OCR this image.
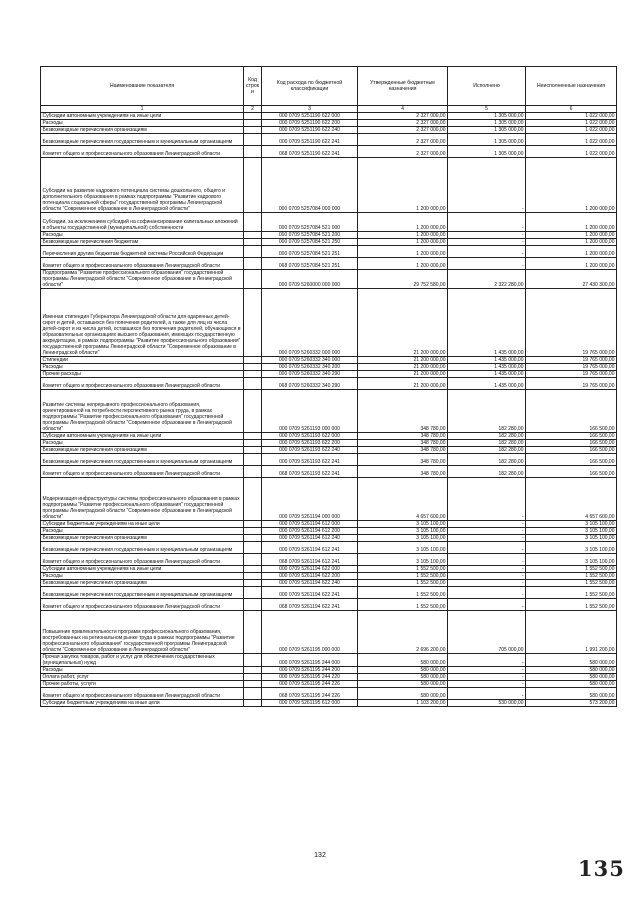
Наименование показателя	Код строк и	Код расхода по бюджетной классификации	Утвержденные бюджетные назначения	Исполнено	Неисполненные назначения
1	2	3	4	5	6
Субсидии автономным учреждениям на иные цели		000 0709 5251190 622 000	2 327 000,00	1 305 000,00	1 022 000,00
Расходы		000 0709 5251190 622 200	2 327 000,00	1 305 000,00	1 022 000,00
Безвозмездные перечисления организациям		000 0709 5251190 622 240	2 327 000,00	1 305 000,00	1 022 000,00
Безвозмездные перечисления государственным и муниципальным организациям		000 0709 5251190 622 241	2 327 000,00	1 305 000,00	1 022 000,00
Комитет общего и профессионального образования Ленинградской области		068 0709 5251190 622 241	2 327 000,00	1 305 000,00	1 022 000,00
Субсидии на развитие кадрового потенциала системы дошкольного, общего и дополнительного образования в рамках подпрограммы "Развитие кадрового потенциала социальной сферы" государственной программы Ленинградской области "Современное образование в Ленинградской области"		000 0709 5257084 000 000	1 200 000,00	-	1 200 000,00
Субсидии, за исключением субсидий на софинансирование капитальных вложений в объекты государственной (муниципальной) собственности		000 0709 5257084 521 000	1 200 000,00	-	1 200 000,00
Расходы		000 0709 5257084 521 200	1 200 000,00	-	1 200 000,00
Безвозмездные перечисления бюджетам		000 0709 5257084 521 250	1 200 000,00	-	1 200 000,00
Перечисления другим бюджетам бюджетной системы Российской Федерации		000 0709 5257084 521 251	1 200 000,00	-	1 200 000,00
Комитет общего и профессионального образования Ленинградской области		068 0709 5257084 521 251	1 200 000,00	-	1 200 000,00
Подпрограмма "Развитие профессионального образования" государственной программы Ленинградской области "Современное образование в Ленинградской области"		000 0709 5260000 000 000	29 752 580,00	2 322 280,00	27 430 300,00
Именная стипендия Губернатора Ленинградской области для одаренных детей-сирот и детей, оставшихся без попечения родителей, а также для лиц из числа детей-сирот и из числа детей, оставшихся без попечения родителей, обучающихся в образовательных организациях высшего образования, имеющих государственную аккредитацию, в рамках подпрограммы "Развитие профессионального образования" государственной программы Ленинградской области "Современное образование в Ленинградской области"		000 0709 5260332 000 000	21 200 000,00	1 435 000,00	19 765 000,00
Стипендии		000 0709 5260332 340 000	21 200 000,00	1 435 000,00	19 765 000,00
Расходы		000 0709 5260332 340 200	21 200 000,00	1 435 000,00	19 765 000,00
Прочие расходы		000 0709 5260332 340 290	21 200 000,00	1 435 000,00	19 765 000,00
Комитет общего и профессионального образования Ленинградской области		068 0709 5260332 340 290	21 200 000,00	1 435 000,00	19 765 000,00
Развитие системы непрерывного профессионального образования, ориентированной на потребности перспективного рынка труда, в рамках подпрограммы "Развитие профессионального образования" государственной программы Ленинградской области "Современное образование в Ленинградской области"		000 0709 5261193 000 000	348 780,00	182 280,00	166 500,00
Субсидии автономным учреждениям на иные цели		000 0709 5261193 622 000	348 780,00	182 280,00	166 500,00
Расходы		000 0709 5261193 622 200	348 780,00	182 280,00	166 500,00
Безвозмездные перечисления организациям		000 0709 5261193 622 240	348 780,00	182 280,00	166 500,00
Безвозмездные перечисления государственным и муниципальным организациям		000 0709 5261193 622 241	348 780,00	182 280,00	166 500,00
Комитет общего и профессионального образования Ленинградской области		068 0709 5261193 622 241	348 780,00	182 280,00	166 500,00
Модернизация инфраструктуры системы профессионального образования в рамках подпрограммы "Развитие профессионального образования" государственной программы Ленинградской области "Современное образование в Ленинградской области"		000 0709 5261194 000 000	4 657 600,00	-	4 657 600,00
Субсидии бюджетным учреждениям на иные цели		000 0709 5261194 612 000	3 105 100,00	-	3 105 100,00
Расходы		000 0709 5261194 612 200	3 105 100,00	-	3 105 100,00
Безвозмездные перечисления организациям		000 0709 5261194 612 240	3 105 100,00	-	3 105 100,00
Безвозмездные перечисления государственным и муниципальным организациям		000 0709 5261194 612 241	3 105 100,00	-	3 105 100,00
Комитет общего и профессионального образования Ленинградской области		068 0709 5261194 612 241	3 105 100,00	-	3 105 100,00
Субсидии автономным учреждениям на иные цели		000 0709 5261194 622 000	1 552 500,00	-	1 552 500,00
Расходы		000 0709 5261194 622 200	1 552 500,00	-	1 552 500,00
Безвозмездные перечисления организациям		000 0709 5261194 622 240	1 552 500,00	-	1 552 500,00
Безвозмездные перечисления государственным и муниципальным организациям		000 0709 5261194 622 241	1 552 500,00	-	1 552 500,00
Комитет общего и профессионального образования Ленинградской области		068 0709 5261194 622 241	1 552 500,00	-	1 552 500,00
Повышение привлекательности программ профессионального образования, востребованных на региональном рынке труда в рамках подпрограммы "Развитие профессионального образования" государственной программы Ленинградской области "Современное образование в Ленинградской области"		000 0709 5261195 000 000	2 696 200,00	705 000,00	1 991 200,00
Прочая закупка товаров, работ и услуг для обеспечения государственных (муниципальных) нужд		000 0709 5261195 244 000	580 000,00	-	580 000,00
Расходы		000 0709 5261195 244 200	580 000,00	-	580 000,00
Оплата работ, услуг		000 0709 5261195 244 220	580 000,00	-	580 000,00
Прочие работы, услуги		000 0709 5261195 244 226	580 000,00	-	580 000,00
Комитет общего и профессионального образования Ленинградской области		068 0709 5261195 244 226	580 000,00	-	580 000,00
Субсидии бюджетным учреждениям на иные цели		000 0709 5261195 612 000	1 103 200,00	530 000,00	573 200,00
132
135
